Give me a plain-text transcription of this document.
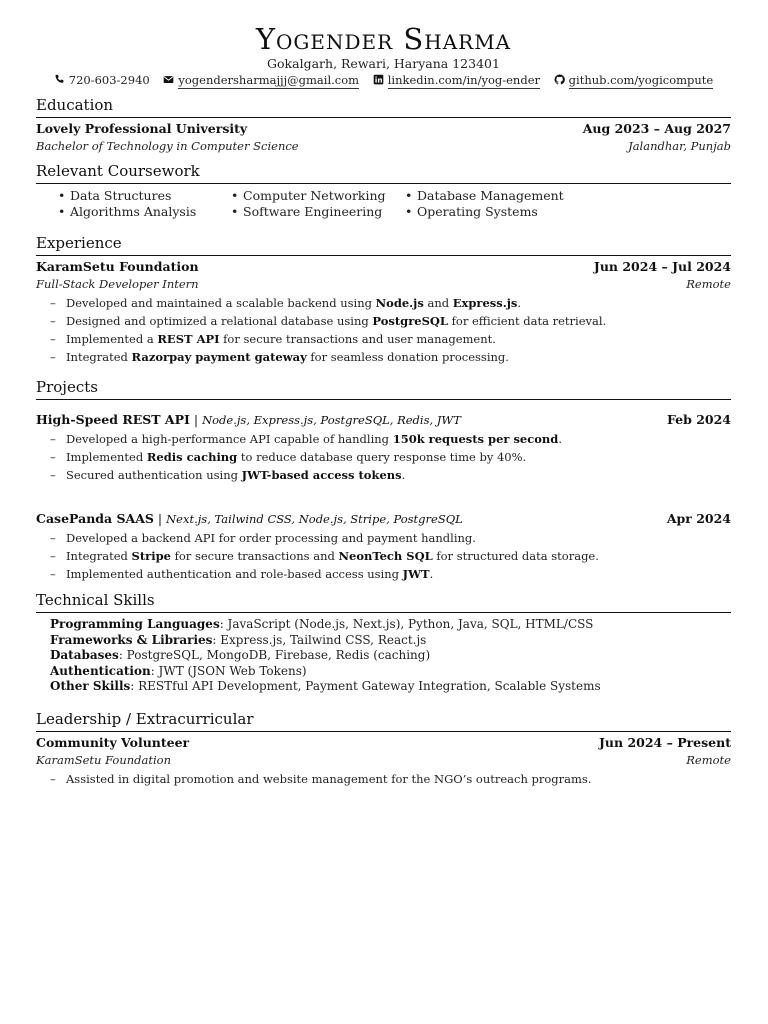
Yogender Sharma
Gokalgarh, Rewari, Haryana 123401
720-603-2940 yogendersharmajjj@gmail.com linkedin.com/in/yog-ender github.com/yogicompute
Education
Lovely Professional University	Aug 2023 – Aug 2027
Bachelor of Technology in Computer Science	Jalandhar, Punjab
Relevant Coursework
• Data Structures
• Algorithms Analysis
• Computer Networking
• Software Engineering
• Database Management
• Operating Systems
Experience
KaramSetu Foundation	Jun 2024 – Jul 2024
Full-Stack Developer Intern	Remote
– Developed and maintained a scalable backend using Node.js and Express.js.
– Designed and optimized a relational database using PostgreSQL for efficient data retrieval.
– Implemented a REST API for secure transactions and user management.
– Integrated Razorpay payment gateway for seamless donation processing.
Projects
High-Speed REST API | Node.js, Express.js, PostgreSQL, Redis, JWT	Feb 2024
– Developed a high-performance API capable of handling 150k requests per second.
– Implemented Redis caching to reduce database query response time by 40%.
– Secured authentication using JWT-based access tokens.
CasePanda SAAS | Next.js, Tailwind CSS, Node.js, Stripe, PostgreSQL	Apr 2024
– Developed a backend API for order processing and payment handling.
– Integrated Stripe for secure transactions and NeonTech SQL for structured data storage.
– Implemented authentication and role-based access using JWT.
Technical Skills
Programming Languages: JavaScript (Node.js, Next.js), Python, Java, SQL, HTML/CSS
Frameworks & Libraries: Express.js, Tailwind CSS, React.js
Databases: PostgreSQL, MongoDB, Firebase, Redis (caching)
Authentication: JWT (JSON Web Tokens)
Other Skills: RESTful API Development, Payment Gateway Integration, Scalable Systems
Leadership / Extracurricular
Community Volunteer	Jun 2024 – Present
KaramSetu Foundation	Remote
– Assisted in digital promotion and website management for the NGO’s outreach programs.
